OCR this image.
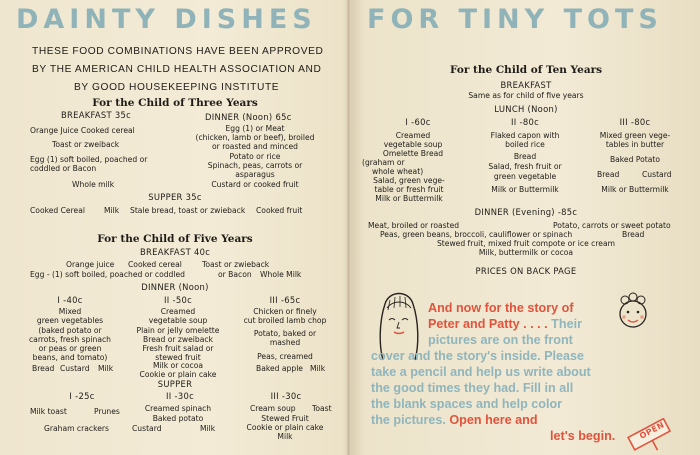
DAINTY DISHES FOR TINY TOTS
THESE FOOD COMBINATIONS HAVE BEEN APPROVED
BY THE AMERICAN CHILD HEALTH ASSOCIATION AND
BY GOOD HOUSEKEEPING INSTITUTE
For the Child of Three Years
BREAKFAST 35c
Orange Juice Cooked cereal
Toast or zweiback
Egg (1) soft boiled, poached or
coddled or Bacon
Whole milk
DINNER (Noon) 65c
Egg (1) or Meat
(chicken, lamb or beef), broiled
or roasted and minced
Potato or rice
Spinach, peas, carrots or
asparagus
Custard or cooked fruit
SUPPER 35c
Cooked Cereal	Milk Stale bread, toast or zwieback Cooked fruit
For the Child of Five Years
BREAKFAST 40c
Orange juice Cooked cereal	Toast or zwieback
Egg - (1) soft boiled, poached or coddled	or Bacon Whole Milk
DINNER (Noon)
I -40c
Mixed
green vegetables
(baked potato or
carrots, fresh spinach
or peas or green
beans, and tomato)
Bread Custard Milk
II -50c
Creamed
vegetable soup
Plain or jelly omelette
Bread or zweiback
Fresh fruit salad or
stewed fruit
Milk or cocoa
Cookie or plain cake
III -65c
Chicken or finely
cut broiled lamb chop
Potato, baked or
mashed
Peas, creamed
Baked apple Milk
SUPPER
I -25c
Milk toast	Prunes
Graham crackers
II -30c
Creamed spinach
Baked potato
Custard	Milk
III -30c
Cream soup Toast
Stewed Fruit
Cookie or plain cake
Milk
For the Child of Ten Years
BREAKFAST
Same as for child of five years
LUNCH (Noon)
I -60c
Creamed
vegetable soup
Omelette Bread
(graham or
whole wheat)
Salad, green vege-
table or fresh fruit
Milk or Buttermilk
II -80c
Flaked capon with
boiled rice
Bread
Salad, fresh fruit or
green vegetable
Milk or Buttermilk
III -80c
Mixed green vege-
tables in butter
Baked Potato
Bread	Custard
Milk or Buttermilk
DINNER (Evening) -85c
Meat, broiled or roasted	Potato, carrots or sweet potato
Peas, green beans, broccoli, cauliflower or spinach	Bread
Stewed fruit, mixed fruit compote or ice cream
Milk, buttermilk or cocoa
PRICES ON BACK PAGE
And now for the story of
Peter and Patty . . . . Their
pictures are on the front
cover and the story's inside. Please
take a pencil and help us write about
the good times they had. Fill in all
the blank spaces and help color
the pictures. Open here and
let's begin.	OPEN
